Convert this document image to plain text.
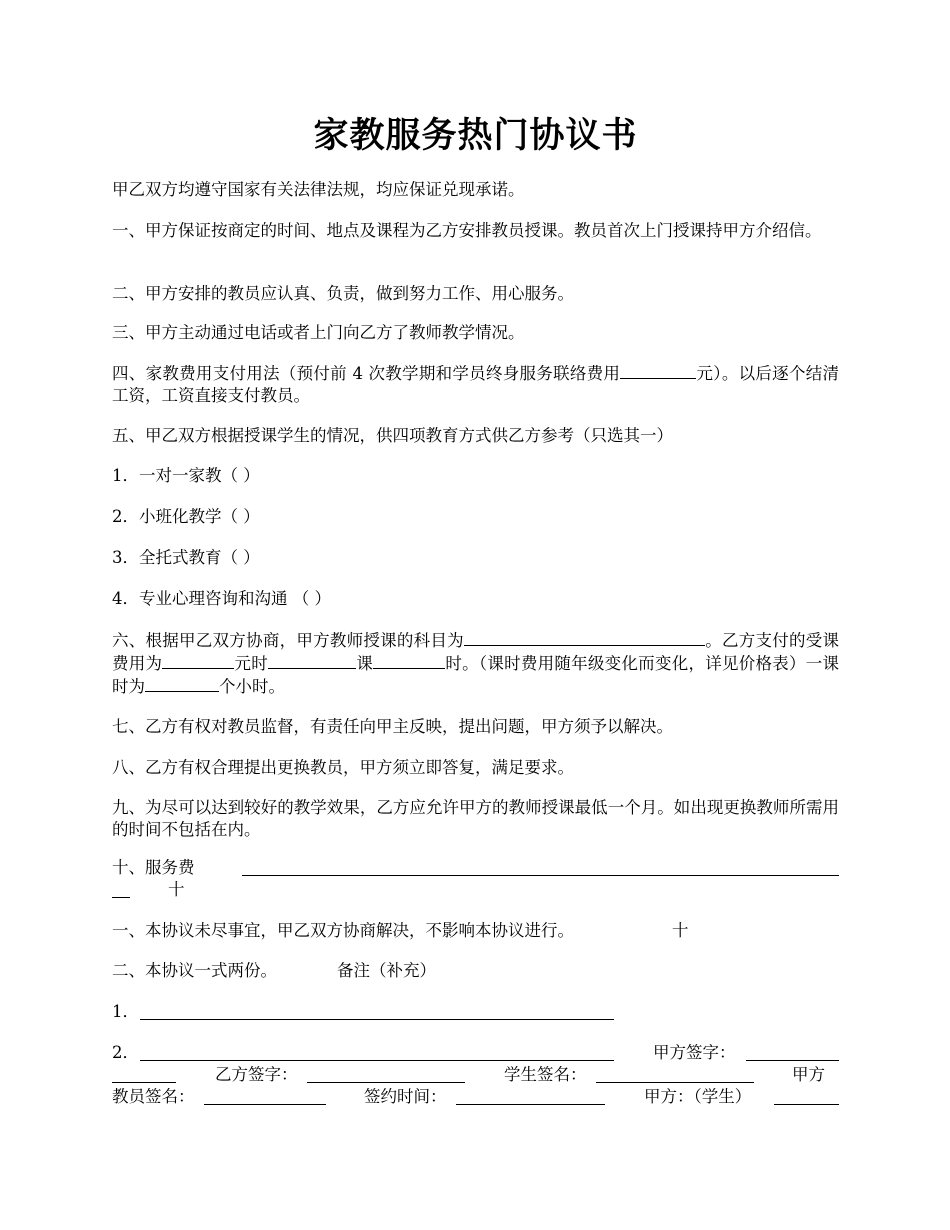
家教服务热门协议书
甲乙双方均遵守国家有关法律法规，均应保证兑现承诺。
一、甲方保证按商定的时间、地点及课程为乙方安排教员授课。教员首次上门授课持甲方介绍信。
二、甲方安排的教员应认真、负责，做到努力工作、用心服务。
三、甲方主动通过电话或者上门向乙方了教师教学情况。
四、家教费用支付用法（预付前 4 次教学期和学员终身服务联络费用	元）。以后逐个结清工资，工资直接支付教员。
五、甲乙双方根据授课学生的情况，供四项教育方式供乙方参考（只选其一）
1．一对一家教（ ）
2．小班化教学（ ）
3．全托式教育（ ）
4．专业心理咨询和沟通 （ ）
六、根据甲乙双方协商，甲方教师授课的科目为	。乙方支付的受课费用为	元时	课	时。（课时费用随年级变化而变化，详见价格表）一课时为	个小时。
七、乙方有权对教员监督，有责任向甲主反映，提出问题，甲方须予以解决。
八、乙方有权合理提出更换教员，甲方须立即答复，满足要求。
九、为尽可以达到较好的教学效果，乙方应允许甲方的教师授课最低一个月。如出现更换教师所需用的时间不包括在内。
十、服务费
十
一、本协议未尽事宜，甲乙双方协商解决，不影响本协议进行。	十
二、本协议一式两份。	备注（补充）
1．
2．	甲方签字：
乙方签字：	学生签名：	甲方
教员签名：	签约时间：	甲方：（学生）
